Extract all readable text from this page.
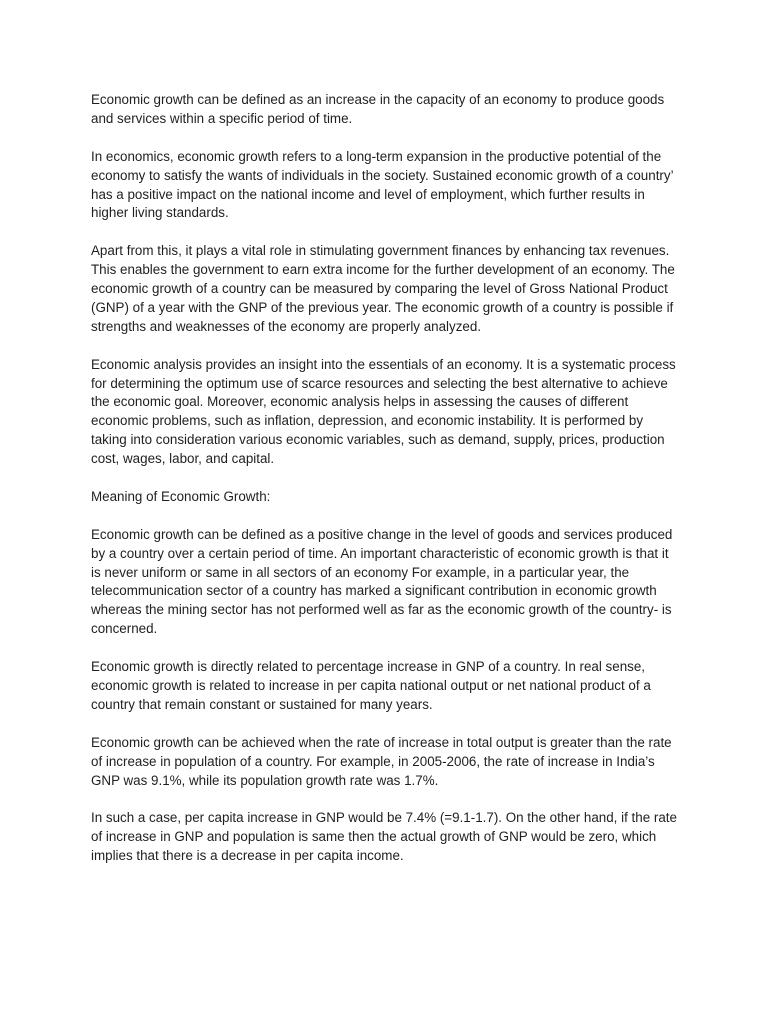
Economic growth can be defined as an increase in the capacity of an economy to produce goods and services within a specific period of time.

In economics, economic growth refers to a long-term expansion in the productive potential of the economy to satisfy the wants of individuals in the society. Sustained economic growth of a country’ has a positive impact on the national income and level of employment, which further results in higher living standards.

Apart from this, it plays a vital role in stimulating government finances by enhancing tax revenues. This enables the government to earn extra income for the further development of an economy. The economic growth of a country can be measured by comparing the level of Gross National Product (GNP) of a year with the GNP of the previous year. The economic growth of a country is possible if strengths and weaknesses of the economy are properly analyzed.

Economic analysis provides an insight into the essentials of an economy. It is a systematic process for determining the optimum use of scarce resources and selecting the best alternative to achieve the economic goal. Moreover, economic analysis helps in assessing the causes of different economic problems, such as inflation, depression, and economic instability. It is performed by taking into consideration various economic variables, such as demand, supply, prices, production cost, wages, labor, and capital.

Meaning of Economic Growth:

Economic growth can be defined as a positive change in the level of goods and services produced by a country over a certain period of time. An important characteristic of economic growth is that it is never uniform or same in all sectors of an economy For example, in a particular year, the telecommunication sector of a country has marked a significant contribution in economic growth whereas the mining sector has not performed well as far as the economic growth of the country- is concerned.

Economic growth is directly related to percentage increase in GNP of a country. In real sense, economic growth is related to increase in per capita national output or net national product of a country that remain constant or sustained for many years.

Economic growth can be achieved when the rate of increase in total output is greater than the rate of increase in population of a country. For example, in 2005-2006, the rate of increase in India’s GNP was 9.1%, while its population growth rate was 1.7%.

In such a case, per capita increase in GNP would be 7.4% (=9.1-1.7). On the other hand, if the rate of increase in GNP and population is same then the actual growth of GNP would be zero, which implies that there is a decrease in per capita income.
